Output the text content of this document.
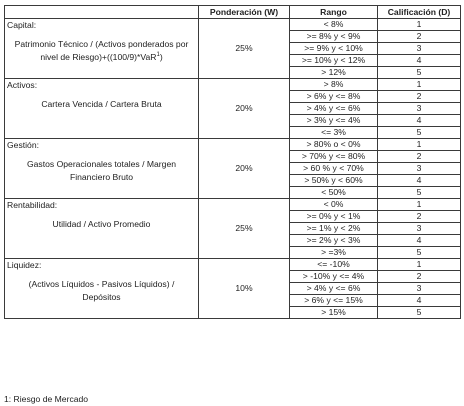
	Ponderación (W)	Rango	Calificación (D)

Capital:
Patrimonio Técnico / (Activos ponderados por nivel de Riesgo)+((100/9)*VaR$^1$)	25%	< 8%	1
		>= 8% y < 9%	2
		>= 9% y < 10%	3
		>= 10% y < 12%	4
		> 12%	5

Activos:
Cartera Vencida / Cartera Bruta	20%	> 8%	1
		> 6% y <= 8%	2
		> 4% y <= 6%	3
		> 3% y <= 4%	4
		<= 3%	5

Gestión:
Gastos Operacionales totales / Margen Financiero Bruto	20%	> 80% o < 0%	1
		> 70% y <= 80%	2
		> 60 % y < 70%	3
		> 50% y < 60%	4
		< 50%	5

Rentabilidad:
Utilidad / Activo Promedio	25%	< 0%	1
		>= 0% y < 1%	2
		>= 1% y < 2%	3
		>= 2% y < 3%	4
		> =3%	5

Liquidez:
(Activos Líquidos - Pasivos Líquidos) / Depósitos	10%	<= -10%	1
		> -10% y <= 4%	2
		> 4% y <= 6%	3
		> 6% y <= 15%	4
		> 15%	5
1: Riesgo de Mercado
